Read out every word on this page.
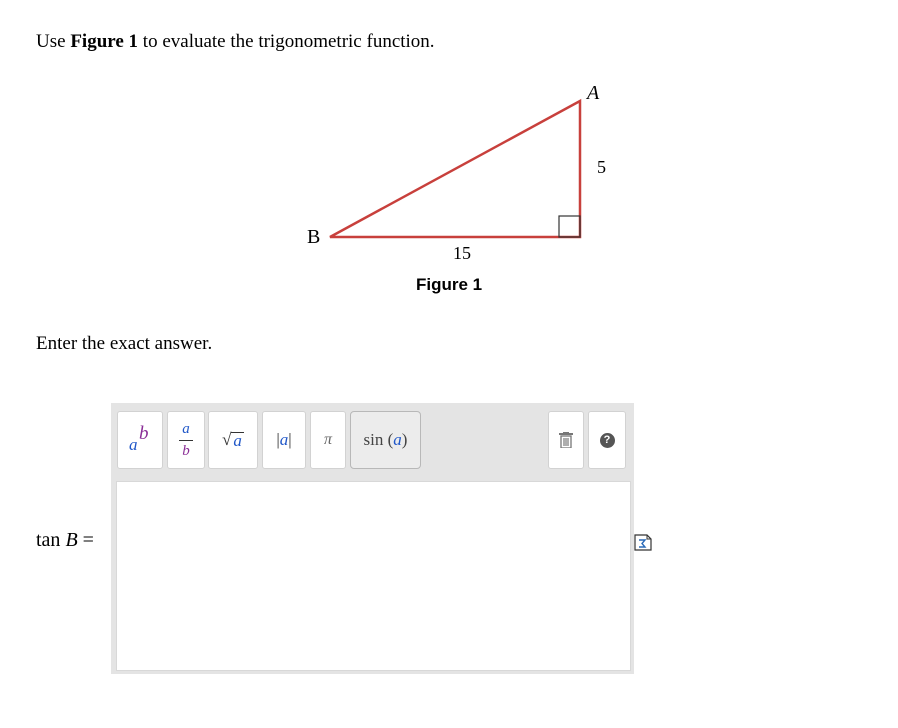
Use Figure 1 to evaluate the trigonometric function.
A
B
5
15
Figure 1
Enter the exact answer.
tan B =
a
b a
b
√ a |a| π sin (a)	?
